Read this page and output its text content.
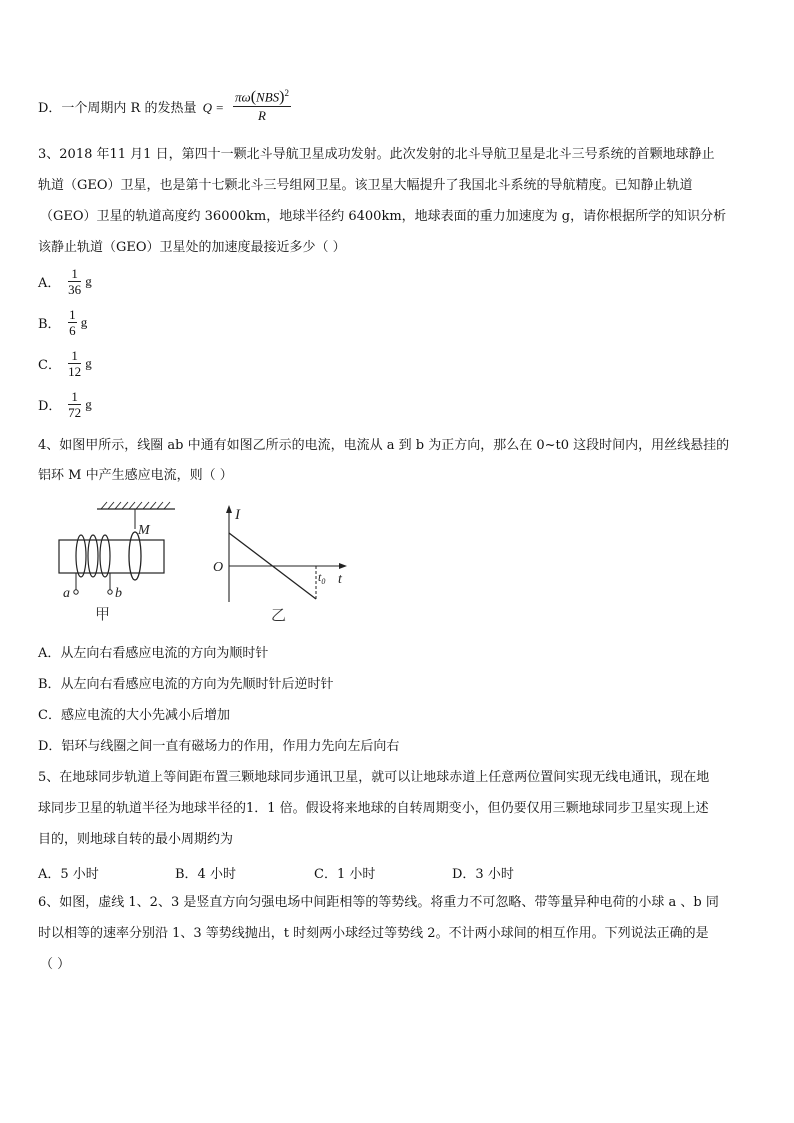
D．一个周期内 R 的发热量 Q =
πω(NBS)$^2$
R
3、2018 年11 月1 日，第四十一颗北斗导航卫星成功发射。此次发射的北斗导航卫星是北斗三号系统的首颗地球静止
轨道（GEO）卫星，也是第十七颗北斗三号组网卫星。该卫星大幅提升了我国北斗系统的导航精度。已知静止轨道
（GEO）卫星的轨道高度约 36000km，地球半径约 6400km，地球表面的重力加速度为 g，请你根据所学的知识分析
该静止轨道（GEO）卫星处的加速度最接近多少（ ）
A． $\frac{1}{36}$ g
B． $\frac{1}{6}$ g
C． $\frac{1}{12}$ g
D． $\frac{1}{72}$ g
4、如图甲所示，线圈 ab 中通有如图乙所示的电流，电流从 a 到 b 为正方向，那么在 0~t0 这段时间内，用丝线悬挂的
铝环 M 中产生感应电流，则（ ）
M
a	b
甲
I
O
t
$t_0$
乙
A．从左向右看感应电流的方向为顺时针
B．从左向右看感应电流的方向为先顺时针后逆时针
C．感应电流的大小先减小后增加
D．铝环与线圈之间一直有磁场力的作用，作用力先向左后向右
5、在地球同步轨道上等间距布置三颗地球同步通讯卫星，就可以让地球赤道上任意两位置间实现无线电通讯，现在地
球同步卫星的轨道半径为地球半径的1．1 倍。假设将来地球的自转周期变小，但仍要仅用三颗地球同步卫星实现上述
目的，则地球自转的最小周期约为
A．5 小时	B．4 小时	C．1 小时	D．3 小时
6、如图，虚线 1、2、3 是竖直方向匀强电场中间距相等的等势线。将重力不可忽略、带等量异种电荷的小球 a 、b 同
时以相等的速率分别沿 1、3 等势线抛出，t 时刻两小球经过等势线 2。不计两小球间的相互作用。下列说法正确的是
（ ）
